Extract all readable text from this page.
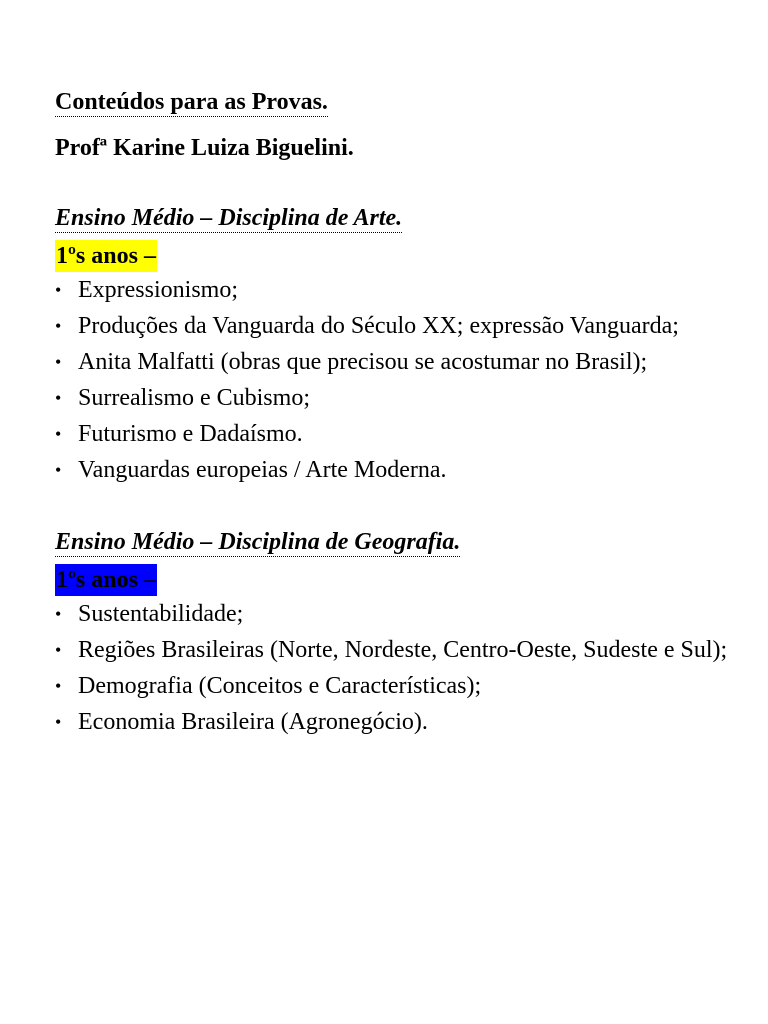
Conteúdos para as Provas.
Profª Karine Luiza Biguelini.
Ensino Médio – Disciplina de Arte.
1ºs anos –
• Expressionismo;
• Produções da Vanguarda do Século XX; expressão Vanguarda;
• Anita Malfatti (obras que precisou se acostumar no Brasil);
• Surrealismo e Cubismo;
• Futurismo e Dadaísmo.
• Vanguardas europeias / Arte Moderna.
Ensino Médio – Disciplina de Geografia.
1ºs anos –
• Sustentabilidade;
• Regiões Brasileiras (Norte, Nordeste, Centro-Oeste, Sudeste e Sul);
• Demografia (Conceitos e Características);
• Economia Brasileira (Agronegócio).
